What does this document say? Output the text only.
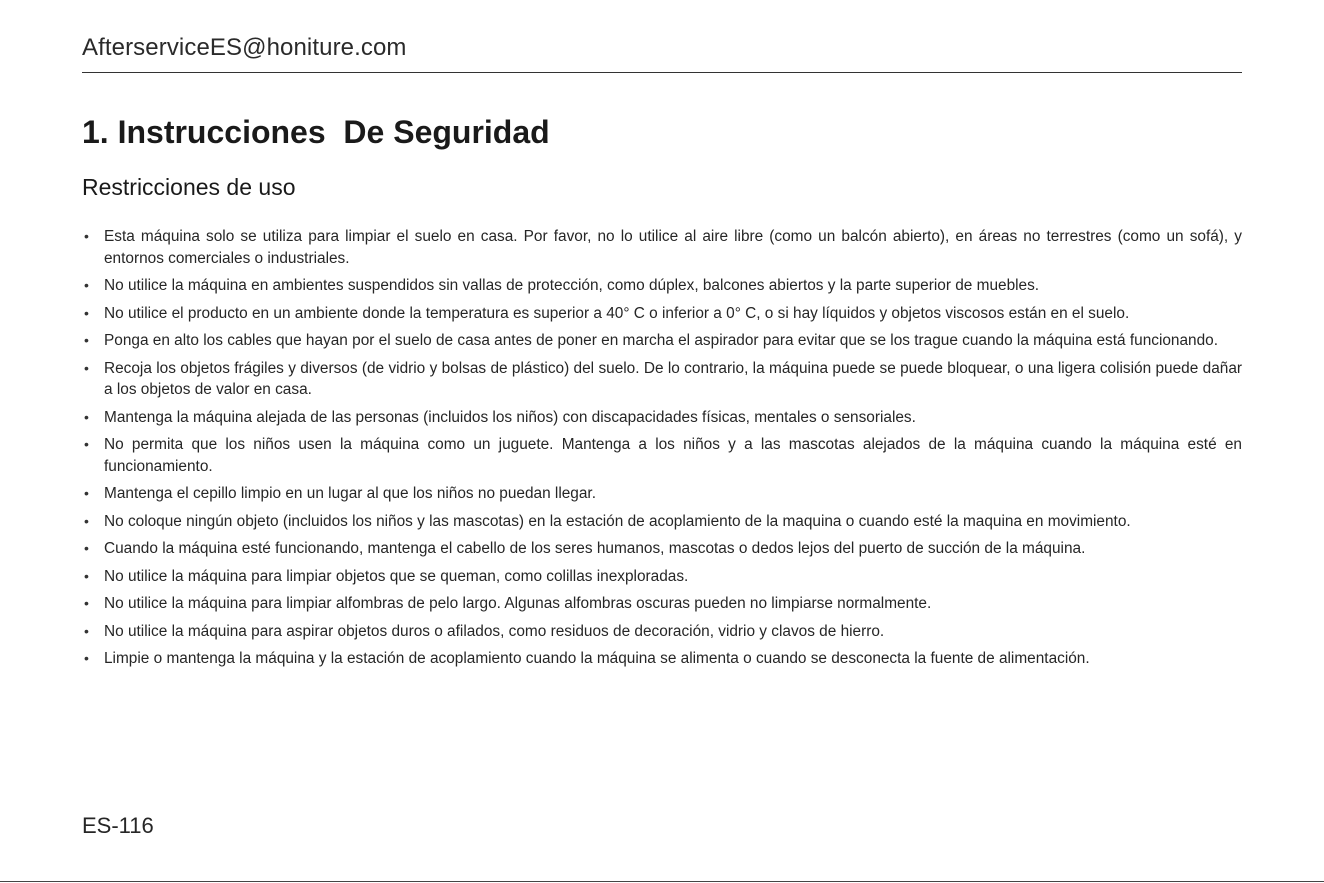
AfterserviceES@honiture.com
1. Instrucciones  De Seguridad
Restricciones de uso
• Esta máquina solo se utiliza para limpiar el suelo en casa. Por favor, no lo utilice al aire libre (como un balcón abierto), en áreas no terrestres (como un sofá), y entornos comerciales o industriales.
• No utilice la máquina en ambientes suspendidos sin vallas de protección, como dúplex, balcones abiertos y la parte superior de muebles.
• No utilice el producto en un ambiente donde la temperatura es superior a 40° C o inferior a 0° C, o si hay líquidos y objetos viscosos están en el suelo.
• Ponga en alto los cables que hayan por el suelo de casa antes de poner en marcha el aspirador para evitar que se los trague cuando la máquina está funcionando.
• Recoja los objetos frágiles y diversos (de vidrio y bolsas de plástico) del suelo. De lo contrario, la máquina puede se puede bloquear, o una ligera colisión puede dañar a los objetos de valor en casa.
• Mantenga la máquina alejada de las personas (incluidos los niños) con discapacidades físicas, mentales o sensoriales.
• No permita que los niños usen la máquina como un juguete. Mantenga a los niños y a las mascotas alejados de la máquina cuando la máquina esté en funcionamiento.
• Mantenga el cepillo limpio en un lugar al que los niños no puedan llegar.
• No coloque ningún objeto (incluidos los niños y las mascotas) en la estación de acoplamiento de la maquina o cuando esté la maquina en movimiento.
• Cuando la máquina esté funcionando, mantenga el cabello de los seres humanos, mascotas o dedos lejos del puerto de succión de la máquina.
• No utilice la máquina para limpiar objetos que se queman, como colillas inexploradas.
• No utilice la máquina para limpiar alfombras de pelo largo. Algunas alfombras oscuras pueden no limpiarse normalmente.
• No utilice la máquina para aspirar objetos duros o afilados, como residuos de decoración, vidrio y clavos de hierro.
• Limpie o mantenga la máquina y la estación de acoplamiento cuando la máquina se alimenta o cuando se desconecta la fuente de alimentación.
ES-116
